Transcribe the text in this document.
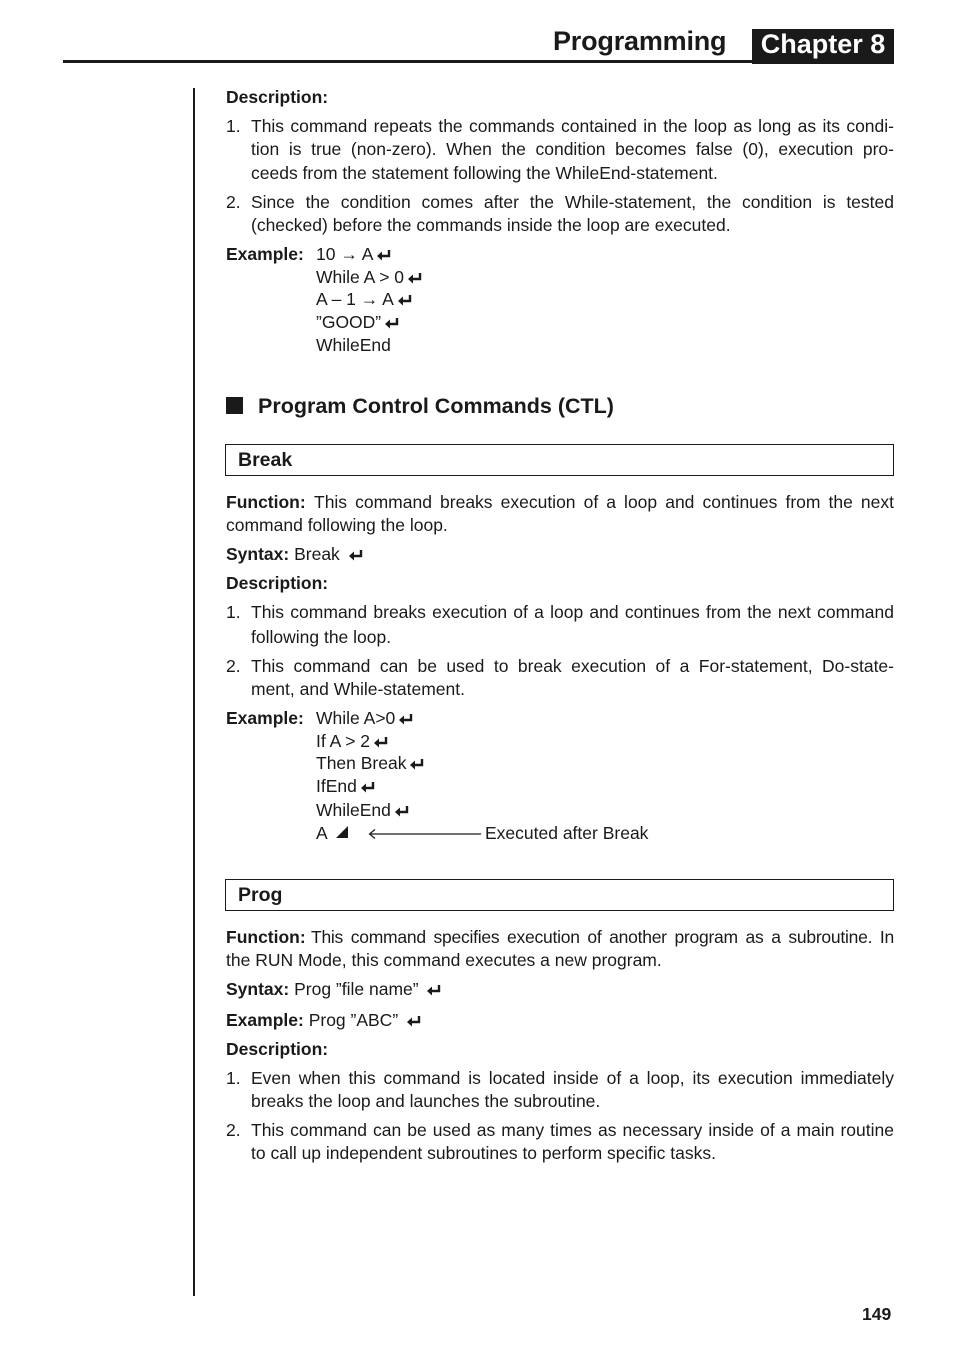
Programming	Chapter 8
Description:
1. This command repeats the commands contained in the loop as long as its condi-
tion is true (non-zero). When the condition becomes false (0), execution pro-
ceeds from the statement following the WhileEnd-statement.
2. Since the condition comes after the While-statement, the condition is tested
(checked) before the commands inside the loop are executed.
Example: 10 → A
While A > 0
A – 1 → A
”GOOD”
WhileEnd
Program Control Commands (CTL)
Break
Function: This command breaks execution of a loop and continues from the next
command following the loop.
Syntax: Break
Description:
1. This command breaks execution of a loop and continues from the next command
following the loop.
2. This command can be used to break execution of a For-statement, Do-state-
ment, and While-statement.
Example: While A>0
If A > 2
Then Break
IfEnd
WhileEnd
A	Executed after Break
Prog
Function: This command specifies execution of another program as a subroutine. In
the RUN Mode, this command executes a new program.
Syntax: Prog ”file name”
Example: Prog ”ABC”
Description:
1. Even when this command is located inside of a loop, its execution immediately
breaks the loop and launches the subroutine.
2. This command can be used as many times as necessary inside of a main routine
to call up independent subroutines to perform specific tasks.
149
